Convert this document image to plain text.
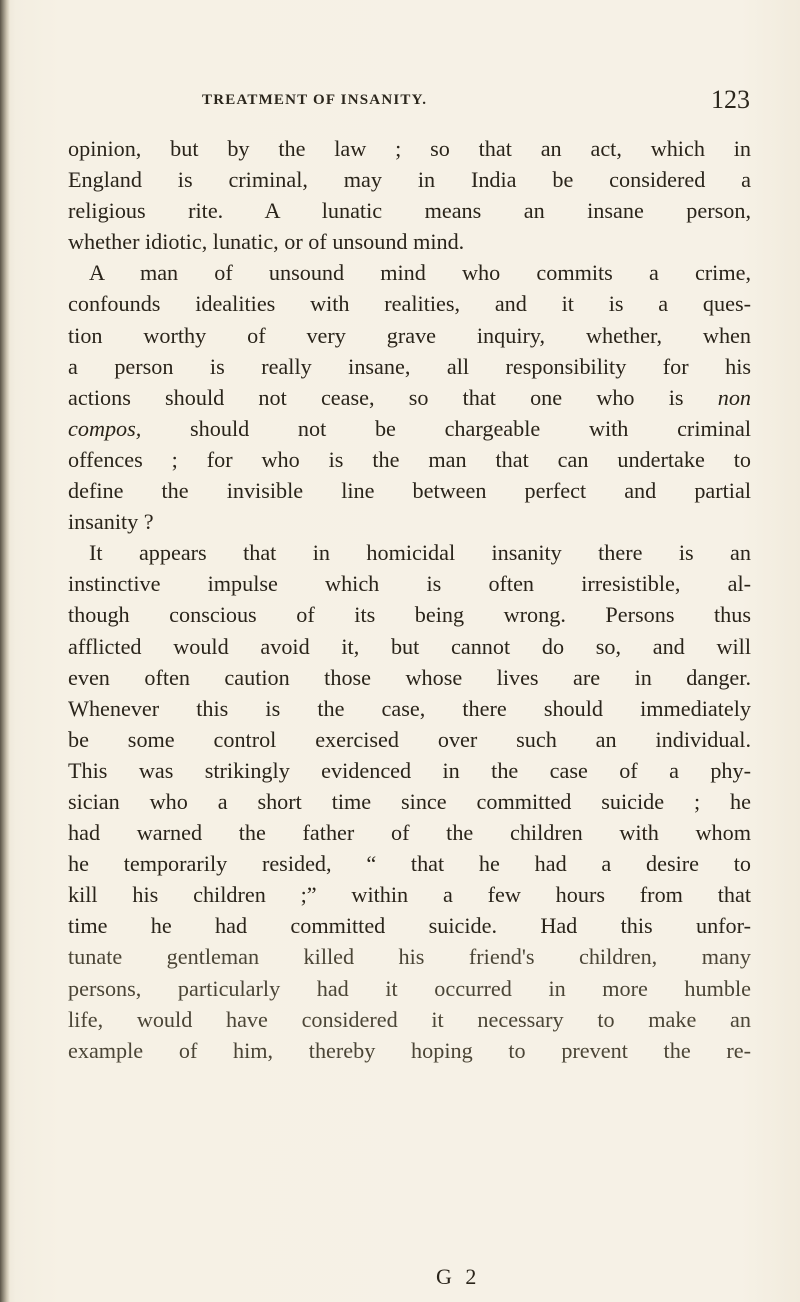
TREATMENT OF INSANITY.	123
opinion, but by the law ; so that an act, which in
England is criminal, may in India be considered a
religious rite. A lunatic means an insane person,
whether idiotic, lunatic, or of unsound mind.
A man of unsound mind who commits a crime,
confounds idealities with realities, and it is a ques-
tion worthy of very grave inquiry, whether, when
a person is really insane, all responsibility for his
actions should not cease, so that one who is non
compos, should not be chargeable with criminal
offences ; for who is the man that can undertake to
define the invisible line between perfect and partial
insanity ?
It appears that in homicidal insanity there is an
instinctive impulse which is often irresistible, al-
though conscious of its being wrong. Persons thus
afflicted would avoid it, but cannot do so, and will
even often caution those whose lives are in danger.
Whenever this is the case, there should immediately
be some control exercised over such an individual.
This was strikingly evidenced in the case of a phy-
sician who a short time since committed suicide ; he
had warned the father of the children with whom
he temporarily resided, “ that he had a desire to
kill his children ;” within a few hours from that
time he had committed suicide. Had this unfor-
tunate gentleman killed his friend's children, many
persons, particularly had it occurred in more humble
life, would have considered it necessary to make an
example of him, thereby hoping to prevent the re-
G 2
